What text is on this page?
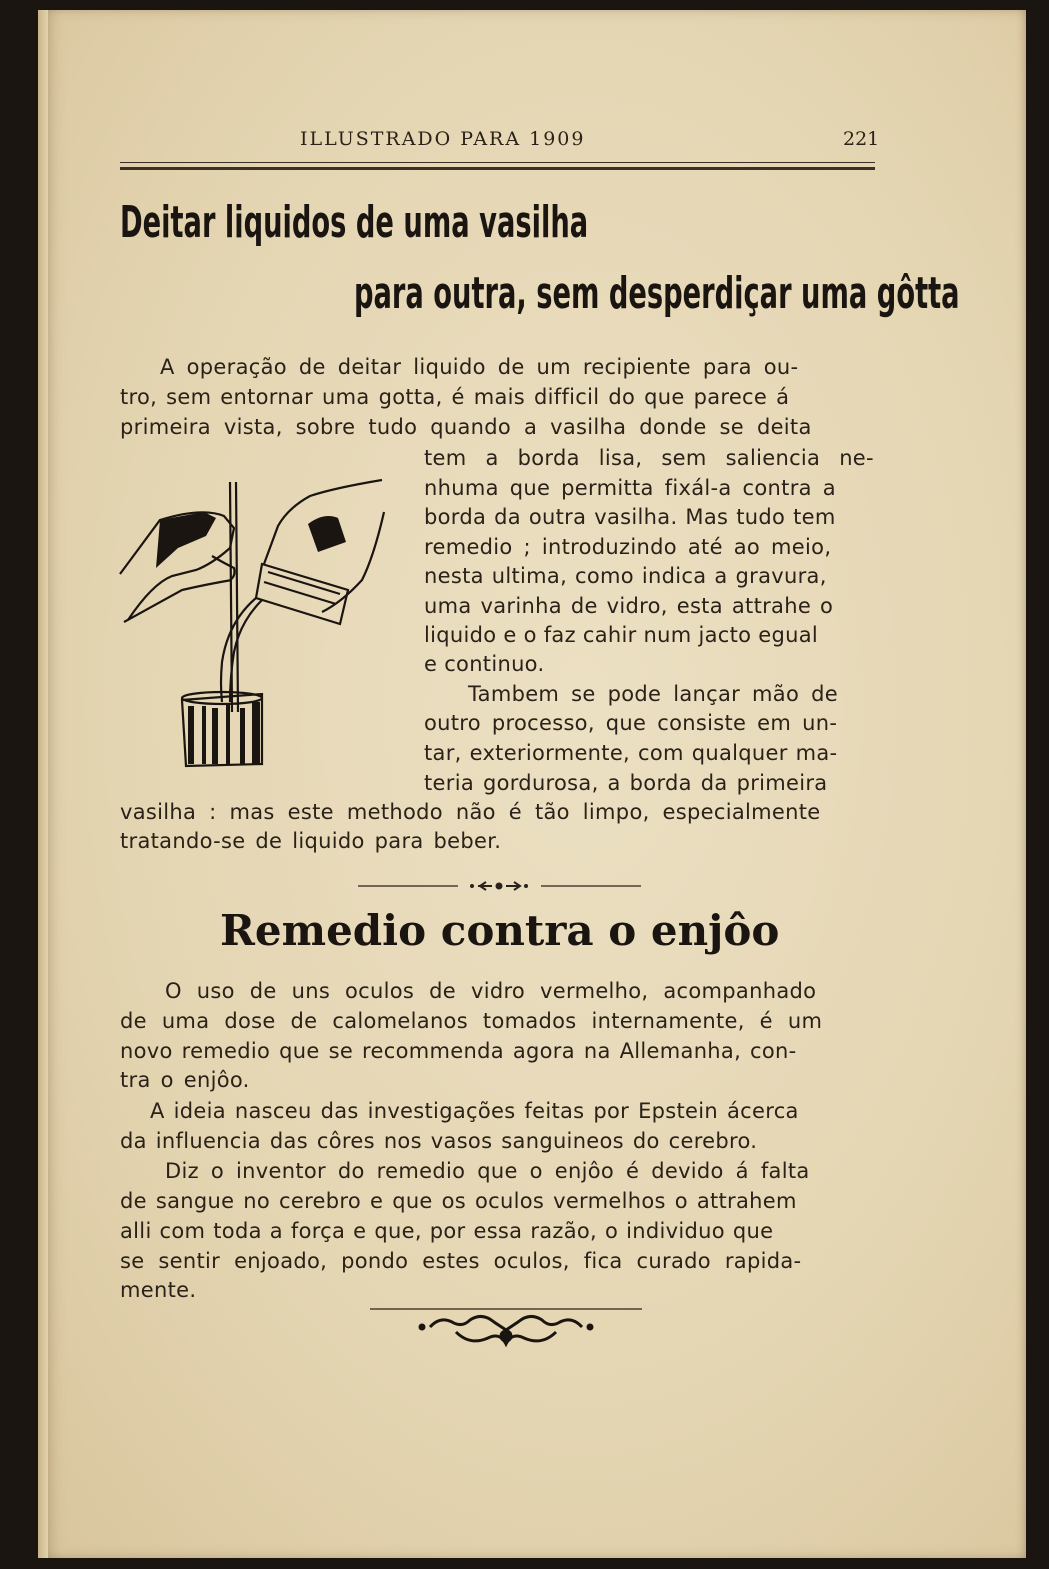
ILLUSTRADO PARA 1909	221
Deitar liquidos de uma vasilha
para outra, sem desperdiçar uma gôtta
A operação de deitar liquido de um recipiente para ou-
tro, sem entornar uma gotta, é mais difficil do que parece á
primeira vista, sobre tudo quando a vasilha donde se deita
tem a borda lisa, sem saliencia ne-
nhuma que permitta fixál-a contra a
borda da outra vasilha. Mas tudo tem
remedio ; introduzindo até ao meio,
nesta ultima, como indica a gravura,
uma varinha de vidro, esta attrahe o
liquido e o faz cahir num jacto egual
e continuo.
Tambem se pode lançar mão de
outro processo, que consiste em un-
tar, exteriormente, com qualquer ma-
teria gordurosa, a borda da primeira
vasilha : mas este methodo não é tão limpo, especialmente
tratando-se de liquido para beber.
Remedio contra o enjôo
O uso de uns oculos de vidro vermelho, acompanhado
de uma dose de calomelanos tomados internamente, é um
novo remedio que se recommenda agora na Allemanha, con-
tra o enjôo.
A ideia nasceu das investigações feitas por Epstein ácerca
da influencia das côres nos vasos sanguineos do cerebro.
Diz o inventor do remedio que o enjôo é devido á falta
de sangue no cerebro e que os oculos vermelhos o attrahem
alli com toda a força e que, por essa razão, o individuo que
se sentir enjoado, pondo estes oculos, fica curado rapida-
mente.
